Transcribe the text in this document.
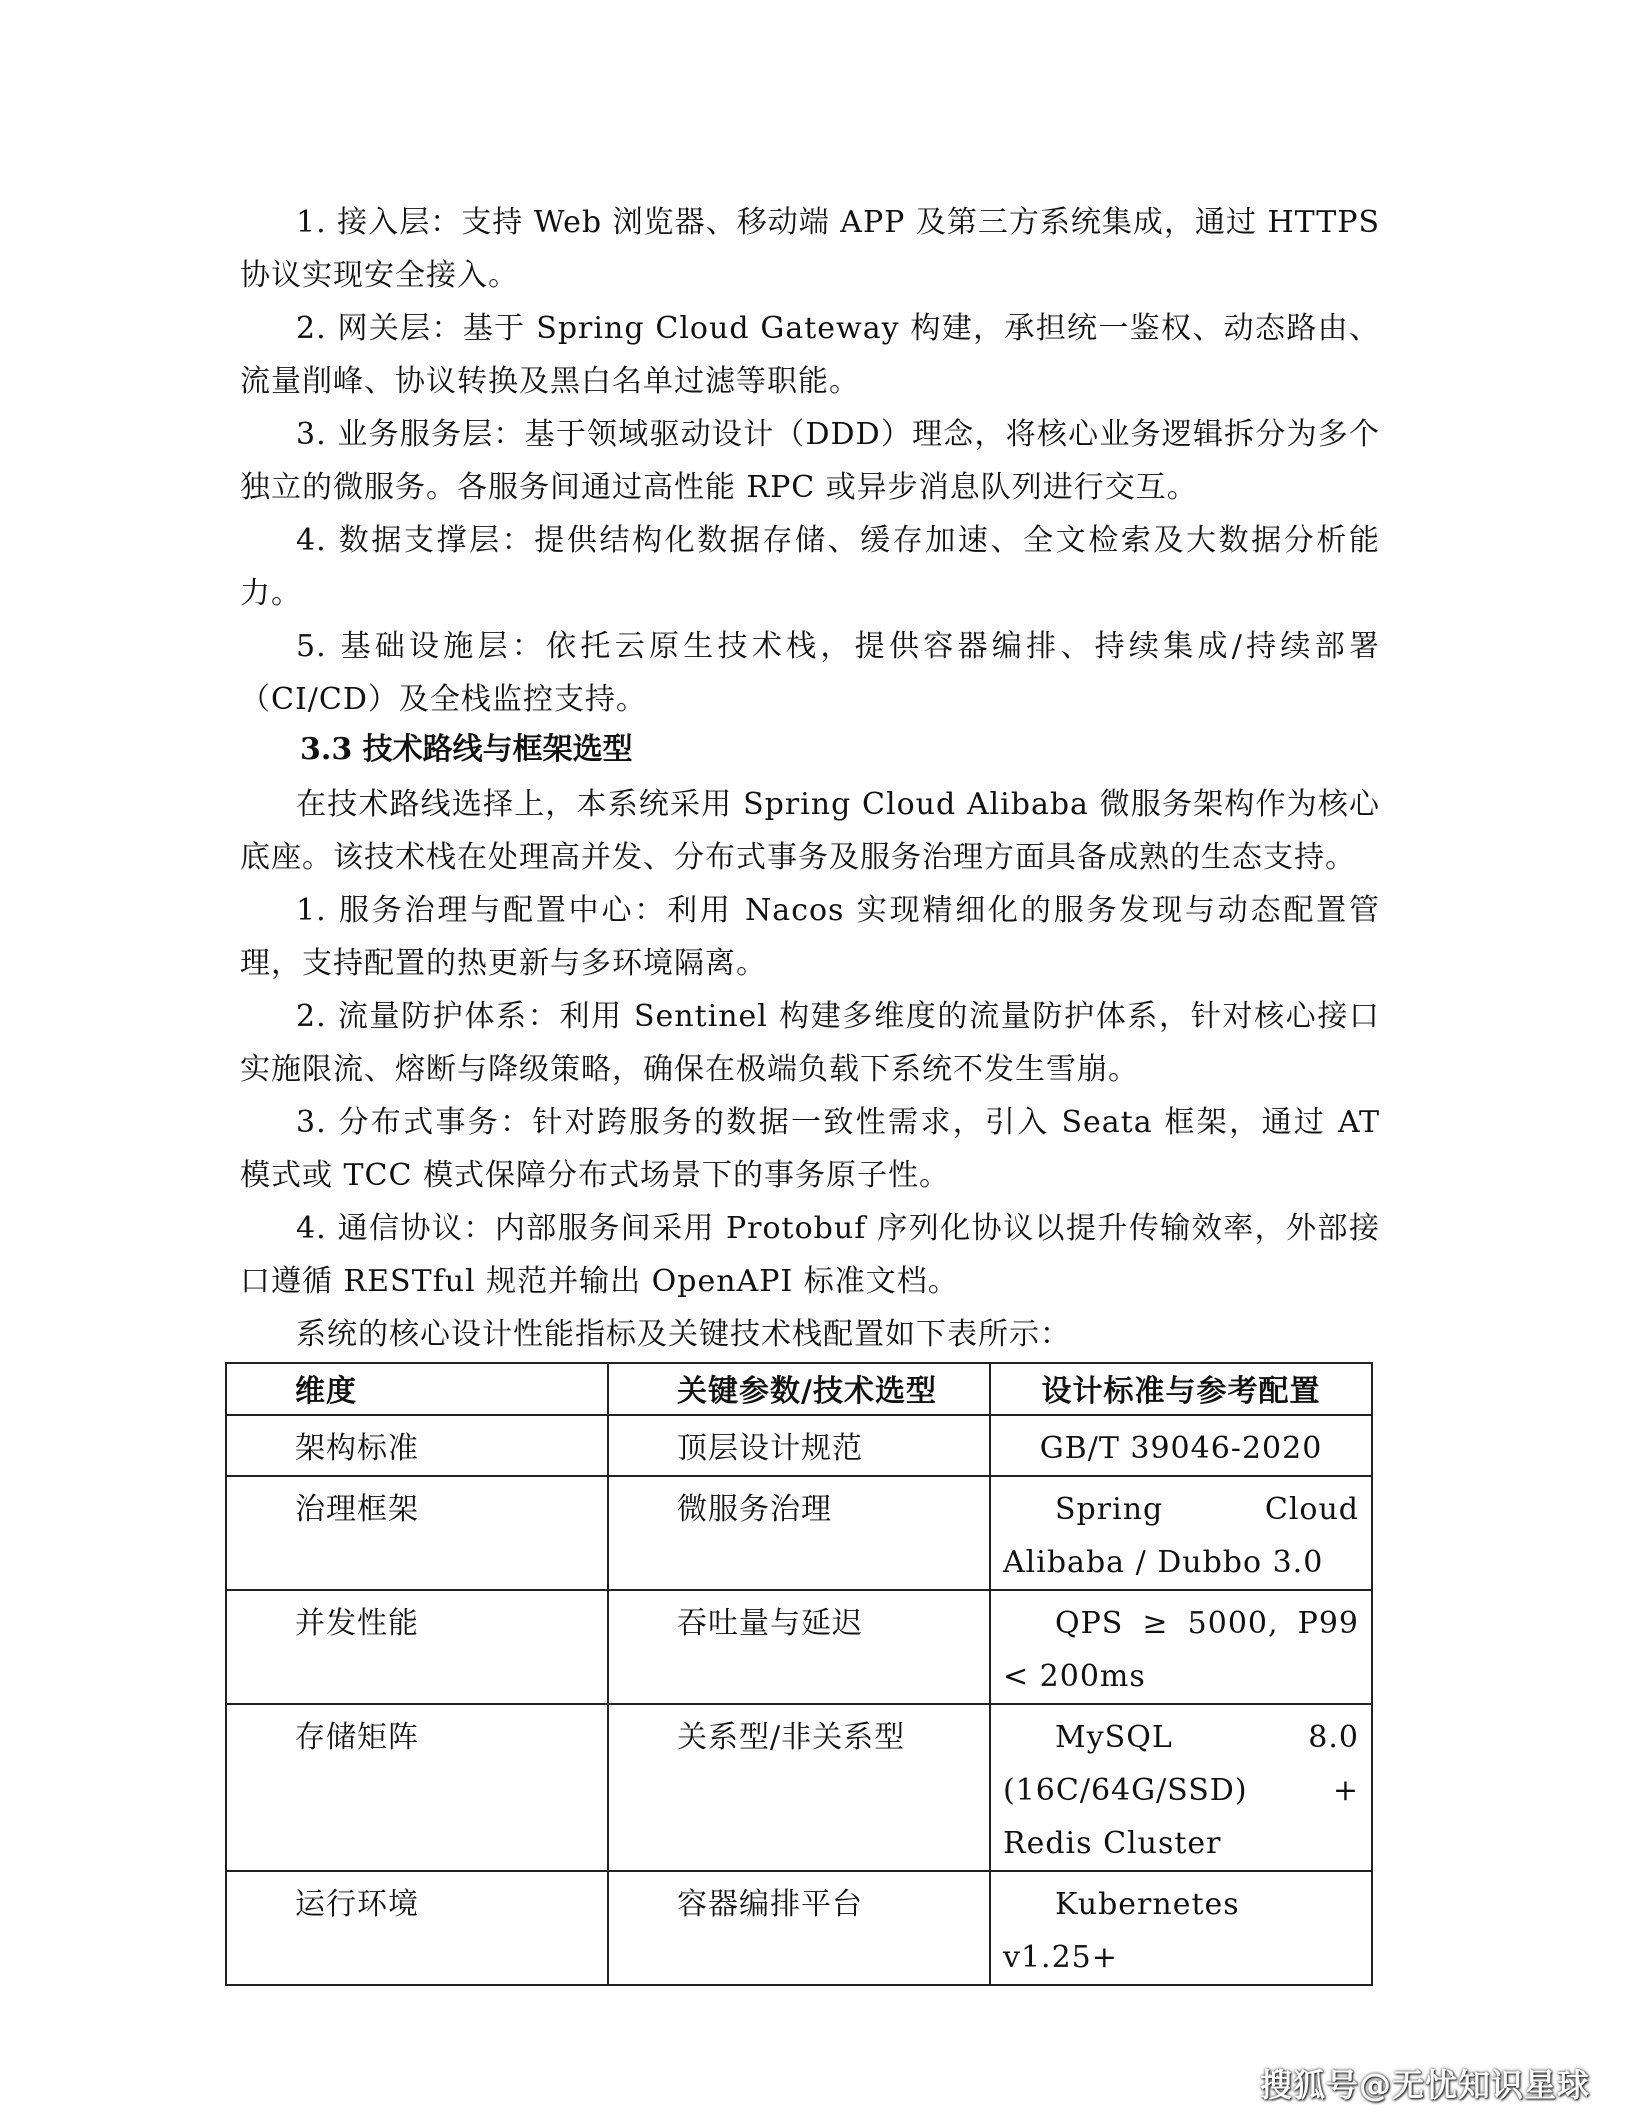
1. 接入层：支持 Web 浏览器、移动端 APP 及第三方系统集成，通过 HTTPS 协议实现安全接入。

2. 网关层：基于 Spring Cloud Gateway 构建，承担统一鉴权、动态路由、流量削峰、协议转换及黑白名单过滤等职能。

3. 业务服务层：基于领域驱动设计（DDD）理念，将核心业务逻辑拆分为多个独立的微服务。各服务间通过高性能 RPC 或异步消息队列进行交互。

4. 数据支撑层：提供结构化数据存储、缓存加速、全文检索及大数据分析能力。

5. 基础设施层：依托云原生技术栈，提供容器编排、持续集成/持续部署（CI/CD）及全栈监控支持。

3.3 技术路线与框架选型

在技术路线选择上，本系统采用 Spring Cloud Alibaba 微服务架构作为核心底座。该技术栈在处理高并发、分布式事务及服务治理方面具备成熟的生态支持。

1. 服务治理与配置中心：利用 Nacos 实现精细化的服务发现与动态配置管理，支持配置的热更新与多环境隔离。

2. 流量防护体系：利用 Sentinel 构建多维度的流量防护体系，针对核心接口实施限流、熔断与降级策略，确保在极端负载下系统不发生雪崩。

3. 分布式事务：针对跨服务的数据一致性需求，引入 Seata 框架，通过 AT 模式或 TCC 模式保障分布式场景下的事务原子性。

4. 通信协议：内部服务间采用 Protobuf 序列化协议以提升传输效率，外部接口遵循 RESTful 规范并输出 OpenAPI 标准文档。

系统的核心设计性能指标及关键技术栈配置如下表所示：

维度	关键参数/技术选型	设计标准与参考配置
架构标准	顶层设计规范	GB/T 39046-2020
治理框架	微服务治理	Spring Cloud Alibaba / Dubbo 3.0
并发性能	吞吐量与延迟	QPS ≥ 5000, P99 < 200ms
存储矩阵	关系型/非关系型	MySQL 8.0 (16C/64G/SSD) + Redis Cluster
运行环境	容器编排平台	Kubernetes v1.25+
搜狐号@无忧知识星球
